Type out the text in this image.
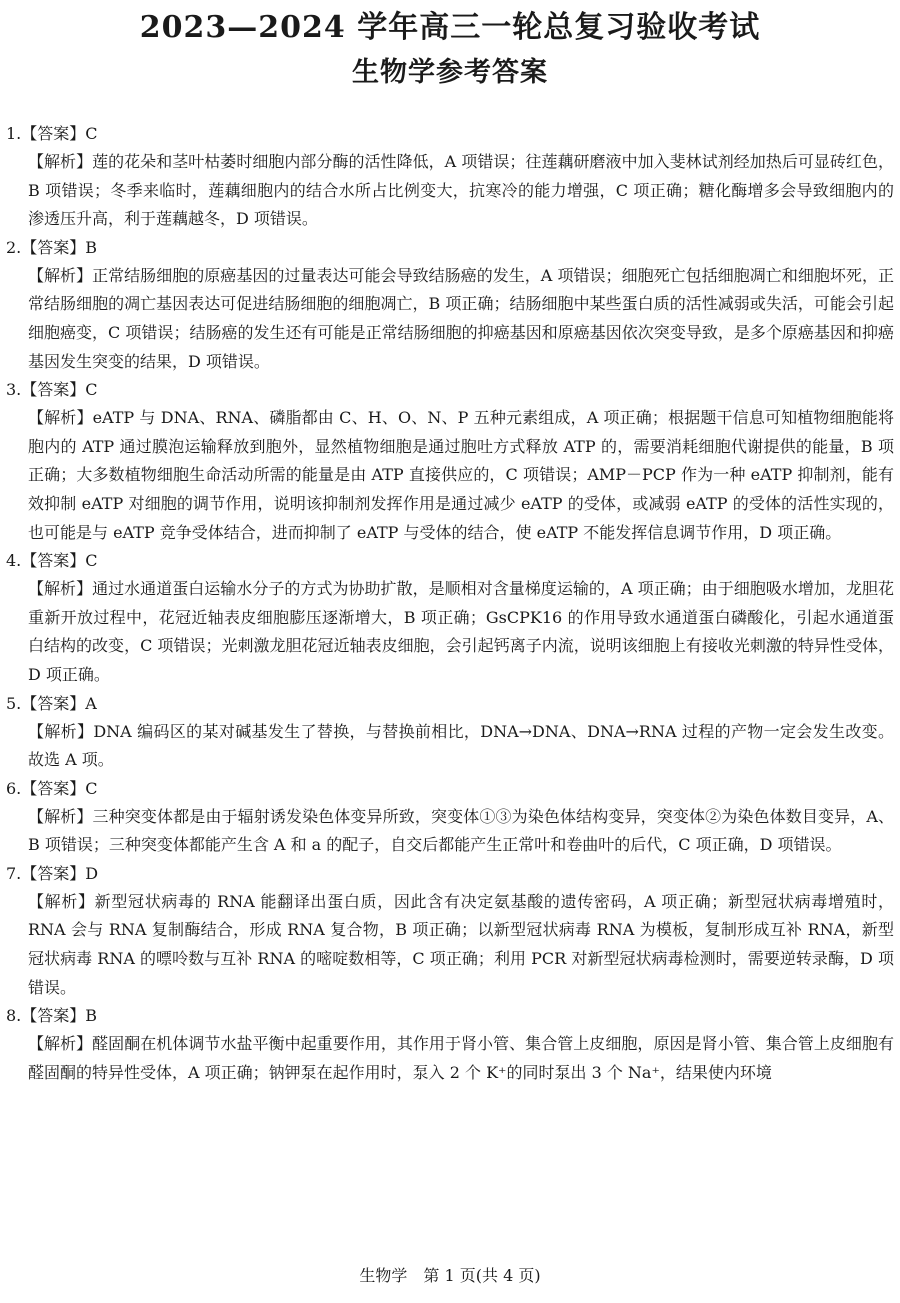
2023—2024 学年高三一轮总复习验收考试
生物学参考答案
1.【答案】C
【解析】莲的花朵和茎叶枯萎时细胞内部分酶的活性降低，A 项错误；往莲藕研磨液中加入斐林试剂经加热后可显砖红色，B 项错误；冬季来临时，莲藕细胞内的结合水所占比例变大，抗寒冷的能力增强，C 项正确；糖化酶增多会导致细胞内的渗透压升高，利于莲藕越冬，D 项错误。
2.【答案】B
【解析】正常结肠细胞的原癌基因的过量表达可能会导致结肠癌的发生，A 项错误；细胞死亡包括细胞凋亡和细胞坏死，正常结肠细胞的凋亡基因表达可促进结肠细胞的细胞凋亡，B 项正确；结肠细胞中某些蛋白质的活性减弱或失活，可能会引起细胞癌变，C 项错误；结肠癌的发生还有可能是正常结肠细胞的抑癌基因和原癌基因依次突变导致，是多个原癌基因和抑癌基因发生突变的结果，D 项错误。
3.【答案】C
【解析】eATP 与 DNA、RNA、磷脂都由 C、H、O、N、P 五种元素组成，A 项正确；根据题干信息可知植物细胞能将胞内的 ATP 通过膜泡运输释放到胞外，显然植物细胞是通过胞吐方式释放 ATP 的，需要消耗细胞代谢提供的能量，B 项正确；大多数植物细胞生命活动所需的能量是由 ATP 直接供应的，C 项错误；AMP－PCP 作为一种 eATP 抑制剂，能有效抑制 eATP 对细胞的调节作用，说明该抑制剂发挥作用是通过减少 eATP 的受体，或减弱 eATP 的受体的活性实现的，也可能是与 eATP 竞争受体结合，进而抑制了 eATP 与受体的结合，使 eATP 不能发挥信息调节作用，D 项正确。
4.【答案】C
【解析】通过水通道蛋白运输水分子的方式为协助扩散，是顺相对含量梯度运输的，A 项正确；由于细胞吸水增加，龙胆花重新开放过程中，花冠近轴表皮细胞膨压逐渐增大，B 项正确；GsCPK16 的作用导致水通道蛋白磷酸化，引起水通道蛋白结构的改变，C 项错误；光刺激龙胆花冠近轴表皮细胞，会引起钙离子内流，说明该细胞上有接收光刺激的特异性受体，D 项正确。
5.【答案】A
【解析】DNA 编码区的某对碱基发生了替换，与替换前相比，DNA→DNA、DNA→RNA 过程的产物一定会发生改变。故选 A 项。
6.【答案】C
【解析】三种突变体都是由于辐射诱发染色体变异所致，突变体①③为染色体结构变异，突变体②为染色体数目变异，A、B 项错误；三种突变体都能产生含 A 和 a 的配子，自交后都能产生正常叶和卷曲叶的后代，C 项正确，D 项错误。
7.【答案】D
【解析】新型冠状病毒的 RNA 能翻译出蛋白质，因此含有决定氨基酸的遗传密码，A 项正确；新型冠状病毒增殖时，RNA 会与 RNA 复制酶结合，形成 RNA 复合物，B 项正确；以新型冠状病毒 RNA 为模板，复制形成互补 RNA，新型冠状病毒 RNA 的嘌呤数与互补 RNA 的嘧啶数相等，C 项正确；利用 PCR 对新型冠状病毒检测时，需要逆转录酶，D 项错误。
8.【答案】B
【解析】醛固酮在机体调节水盐平衡中起重要作用，其作用于肾小管、集合管上皮细胞，原因是肾小管、集合管上皮细胞有醛固酮的特异性受体，A 项正确；钠钾泵在起作用时，泵入 2 个 K⁺的同时泵出 3 个 Na⁺，结果使内环境
生物学　第 1 页(共 4 页)
